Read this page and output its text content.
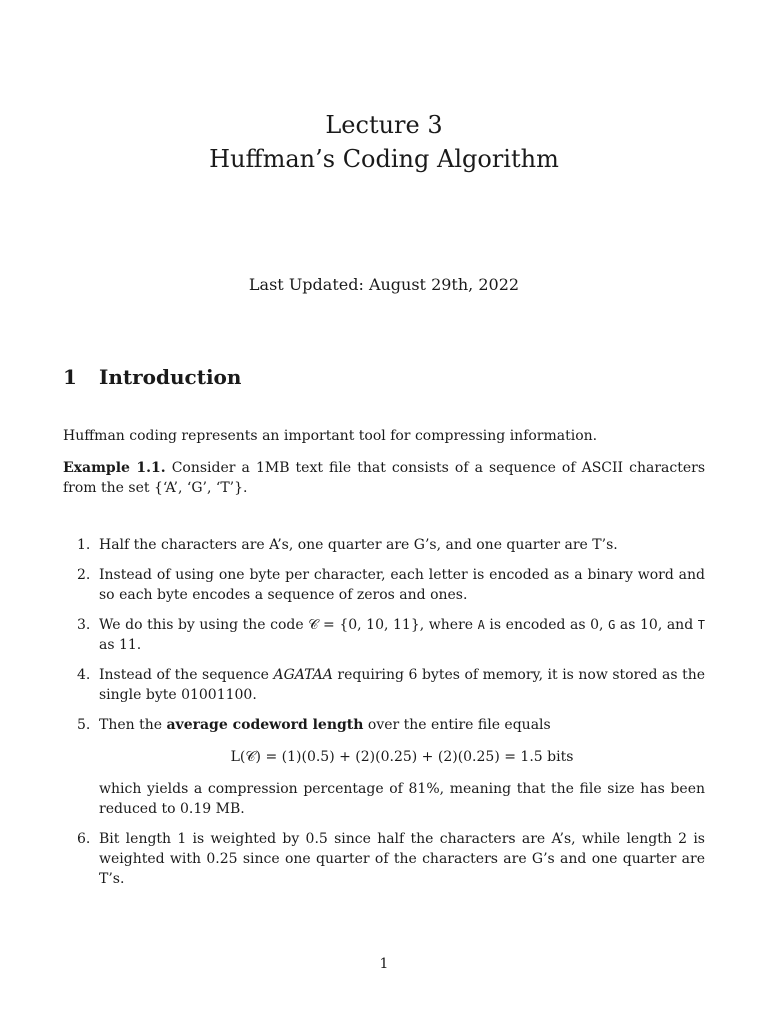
Lecture 3
Huffman’s Coding Algorithm
Last Updated: August 29th, 2022
1 Introduction
Huffman coding represents an important tool for compressing information.
Example 1.1. Consider a 1MB text file that consists of a sequence of ASCII characters from the set {‘A’, ‘G’, ‘T’}.
1. Half the characters are A’s, one quarter are G’s, and one quarter are T’s.
2. Instead of using one byte per character, each letter is encoded as a binary word and so each byte encodes a sequence of zeros and ones.
3. We do this by using the code 𝒞 = {0, 10, 11}, where A is encoded as 0, G as 10, and T as 11.
4. Instead of the sequence AGATAA requiring 6 bytes of memory, it is now stored as the single byte 01001100.
5. Then the average codeword length over the entire file equals
L(𝒞) = (1)(0.5) + (2)(0.25) + (2)(0.25) = 1.5 bits
which yields a compression percentage of 81%, meaning that the file size has been reduced to 0.19 MB.
6. Bit length 1 is weighted by 0.5 since half the characters are A’s, while length 2 is weighted with 0.25 since one quarter of the characters are G’s and one quarter are T’s.
1
